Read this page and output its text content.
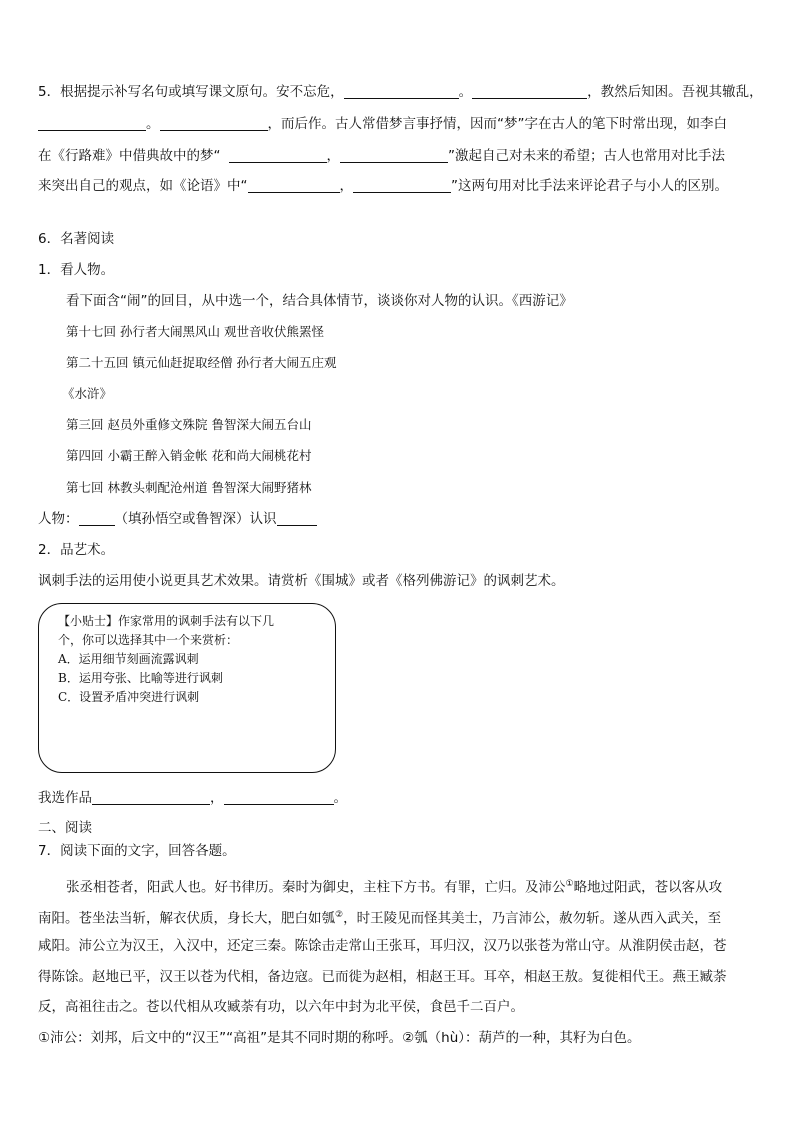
5．根据提示补写名句或填写课文原句。安不忘危，	。	，教然后知困。吾视其辙乱，
。	，而后作。古人常借梦言事抒情，因而“梦”字在古人的笔下时常出现，如李白
在《行路难》中借典故中的梦“	，	”激起自己对未来的希望；古人也常用对比手法
来突出自己的观点，如《论语》中“	，	”这两句用对比手法来评论君子与小人的区别。
6．名著阅读
1．看人物。
看下面含“闹”的回目，从中选一个，结合具体情节，谈谈你对人物的认识。《西游记》
第十七回 孙行者大闹黑风山 观世音收伏熊罴怪
第二十五回 镇元仙赶捉取经僧 孙行者大闹五庄观
《水浒》
第三回 赵员外重修文殊院 鲁智深大闹五台山
第四回 小霸王醉入销金帐 花和尚大闹桃花村
第七回 林教头刺配沧州道 鲁智深大闹野猪林
人物：	（填孙悟空或鲁智深）认识
2．品艺术。
讽刺手法的运用使小说更具艺术效果。请赏析《围城》或者《格列佛游记》的讽刺艺术。
【小贴士】作家常用的讽刺手法有以下几
个，你可以选择其中一个来赏析：
A．运用细节刻画流露讽刺
B．运用夸张、比喻等进行讽刺
C．设置矛盾冲突进行讽刺
我选作品	，	。
二、阅读
7．阅读下面的文字，回答各题。
张丞相苍者，阳武人也。好书律历。秦时为御史，主柱下方书。有罪，亡归。及沛公①略地过阳武，苍以客从攻
南阳。苍坐法当斩，解衣伏质，身长大，肥白如瓠②，时王陵见而怪其美士，乃言沛公，赦勿斩。遂从西入武关，至
咸阳。沛公立为汉王，入汉中，还定三秦。陈馀击走常山王张耳，耳归汉，汉乃以张苍为常山守。从淮阴侯击赵，苍
得陈馀。赵地已平，汉王以苍为代相，备边寇。已而徙为赵相，相赵王耳。耳卒，相赵王敖。复徙相代王。燕王臧荼
反，高祖往击之。苍以代相从攻臧荼有功，以六年中封为北平侯，食邑千二百户。
①沛公：刘邦，后文中的“汉王”“高祖”是其不同时期的称呼。②瓠（hù）：葫芦的一种，其籽为白色。
